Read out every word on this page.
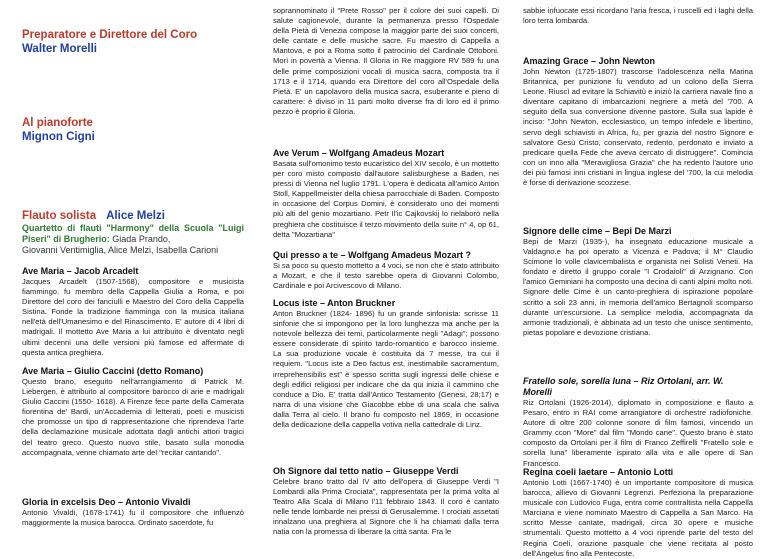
Preparatore e Direttore del Coro
Walter Morelli
Al pianoforte
Mignon Cigni

Flauto solista Alice Melzi

Quartetto di flauti "Harmony" della Scuola "Luigi Piseri" di Brugherio: Giada Prando,
Giovanni Ventimiglia, Alice Melzi, Isabella Carioni

Ave Maria – Jacob Arcadelt

Jacques Arcadelt (1507-1568), compositore e musicista fiammingo. fu membro della Cappella Giulia a Roma, e poi Direttore del coro dei fanciulli e Maestro del Coro della Cappella Sistina. Fonde la tradizione fiamminga con la musica italiana nell'età dell'Umanesimo e del Rinascimento. E' autore di 4 libri di madrigali. Il mottetto Ave Maria a lui attribuito è diventato negli ultimi decenni una delle versioni più famose ed affermate di questa antica preghiera.

Ave Maria – Giulio Caccini (detto Romano)

Questo brano, eseguito nell'arrangiamento di Patrick M. Liebergen, è attribuito al compositore barocco di arie e madrigali Giulio Caccini (1550- 1618). A Firenze fece parte della Camerata fiorentina de' Bardi, un'Accademia di letterati, poeti e musicisti che promosse un tipo di rappresentazione che riprendeva l'arte della declamazione musicale adottata dagli antichi attori tragici del teatro greco. Questo nuovo stile, basato sulla monodia accompagnata, venne chiamato arte del "recitar cantando".

Gloria in excelsis Deo – Antonio Vivaldi

Antonio Vivaldi, (1678-1741) fu il compositore che influenzò maggiormente la musica barocca. Ordinato sacerdote, fu

soprannominato il "Prete Rosso" per il colore dei suoi capelli. Di salute cagionevole, durante la permanenza presso l'Ospedale della Pietà di Venezia compose la maggior parte dei suoi concerti, delle cantate e delle musiche sacre. Fu maestro di Cappella a Mantova, e poi a Roma sotto il patrocinio del Cardinale Ottoboni. Morì in povertà a Vienna. Il Gloria in Re maggiore RV 589 fu una delle prime composizioni vocali di musica sacra, composta tra il 1713 e il 1714, quando era Direttore del coro all'Ospedale della Pietà. E' un capolavoro della musica sacra, esuberante e pieno di carattere: è diviso in 11 parti molto diverse fra di loro ed il primo pezzo è proprio il Gloria.

Ave Verum – Wolfgang Amadeus Mozart

Basata sull'omonimo testo eucaristico del XIV secolo, è un mottetto per coro misto composto dall'autore salisburghese a Baden, nei pressi di Vienna nel luglio 1791. L'opera è dedicata all'amico Anton Stoll, Kappellmeister della chiesa parrocchiale di Baden. Composto in occasione del Corpus Domini, è considerato uno dei momenti più alti del genio mozartiano. Petr Il'ic Cajkovskij lo rielaborò nella preghiera che costituisce il terzo movimento della suite n° 4, op 61, detta "Mozartiana"

Qui presso a te – Wolfgang Amadeus Mozart ?

Si sa poco su questo mottetto a 4 voci, se non che è stato attribuito a Mozart, e che il testo sarebbe opera di Giovanni Colombo, Cardinale e poi Arcivescovo di Milano.

Locus iste – Anton Bruckner

Anton Bruckner (1824- 1896) fu un grande sinfonista: scrisse 11 sinfonie che si impongono per la loro lunghezza ma anche per la notevole bellezza dei temi, particolarmente negli "Adagi"; possono essere considerate di spirito tardo-romantico e barocco insieme. La sua produzione vocale è costituita da 7 messe, tra cui il requiem. "Locus iste a Deo factus est, inestimabile sacramentum, irreprehensibilis est" è spesso scritta sugli ingressi delle chiese e degli edifici religiosi per indicare che da qui inizia il cammino che conduce a Dio. E' tratta dall'Antico Testamento (Genesi, 28;17) e narra di una visione che Giacobbe ebbe di una scala che saliva dalla Terra al cielo. Il brano fu composto nel 1869, in occasione della dedicazione della cappella votiva nella cattedrale di Linz.

Oh Signore dal tetto natio – Giuseppe Verdi

Celebre brano tratto dal IV atto dell'opera di Giuseppe Verdi "I Lombardi alla Prima Crociata", rappresentata per la prima volta al Teatro Alla Scala di Milano l'11 febbraio 1843. Il coro è cantato nelle tende lombarde nei pressi di Gerusalemme. I crociati assetati innalzano una preghiera al Signore che li ha chiamati dalla terra natia con la promessa di liberare la città santa. Fra le

sabbie infuocate essi ricordano l'aria fresca, i ruscelli ed i laghi della loro terra lombarda.

Amazing Grace – John Newton

John Newton (1725-1807) trascorse l'adolescenza nella Marina Britannica, per punizione fu venduto ad un colono della Sierra Leone. Riuscì ad evitare la Schiavitù e iniziò la carriera navale fino a diventare capitano di imbarcazioni negriere a metà del '700. A seguito della sua conversione divenne pastore. Sulla sua lapide è inciso: "John Newton, ecclesiastico, un tempo infedele e libertino, servo degli schiavisti in Africa, fu, per grazia del nostro Signore e salvatore Gesù Cristo, conservato, redento, perdonato e inviato a predicare quella Fede che aveva cercato di distruggere". Comincia con un inno alla "Meravigliosa Grazia" che ha redento l'autore uno dei più famosi inni cristiani in lingua inglese del '700, la cui melodia è forse di derivazione scozzese.

Signore delle cime – Bepi De Marzi

Bepi de Marzi (1935-), ha insegnato educazione musicale a Valdagno.e ha poi operato a Vicenza e Padova; il M° Claudio Scimone lo volle clavicembalista e organista nei Solisti Veneti. Ha fondato e diretto il gruppo corale "I Crodaioli" di Arzignano. Con l'amico Geminiani ha composto una decina di canti alpini molto noti. Signore delle Cime è un canto-preghiera di ispirazione popolare scritto a soli 23 anni, in memoria dell'amico Bertagnoli scomparso durante un'escursione. La semplice melodia, accompagnata da armonie tradizionali, è abbinata ad un testo che unisce sentimento, pietas popolare e devozione cristiana.

Fratello sole, sorella luna – Riz Ortolani, arr. W. Morelli

Riz Ortolani (1926-2014), diplomato in composizione e flauto a Pesaro, entro in RAI come arrangiatore di orchestre radiofoniche. Autore di oltre 200 colonne sonore di film famosi, vincendo un Grammy ccon "More" dal film "Mondo cane". Questo brano è stato composto da Ortolani per il film di Franco Zeffirelli "Fratello sole e sorella luna" liberamente ispirato alla vita e alle opere di San Francesco.

Regina coeli laetare – Antonio Lotti

Antonio Lotti (1667-1740) è un importante compositore di musica barocca, allievo di Giovanni Legrenzi. Perfeziona la preparazione musicale con Ludovico Fuga, entra come contraltista nella Cappella Marciana e viene nominato Maestro di Cappella a San Marco. Ha scritto Messe cantate, madrigali, circa 30 opere e musiche strumentali. Questo mottetto a 4 voci riprende parte del testo del Regina Coeli, orazione pasquale che viene recitata al posto dell'Angelus fino alla Pentecoste.
